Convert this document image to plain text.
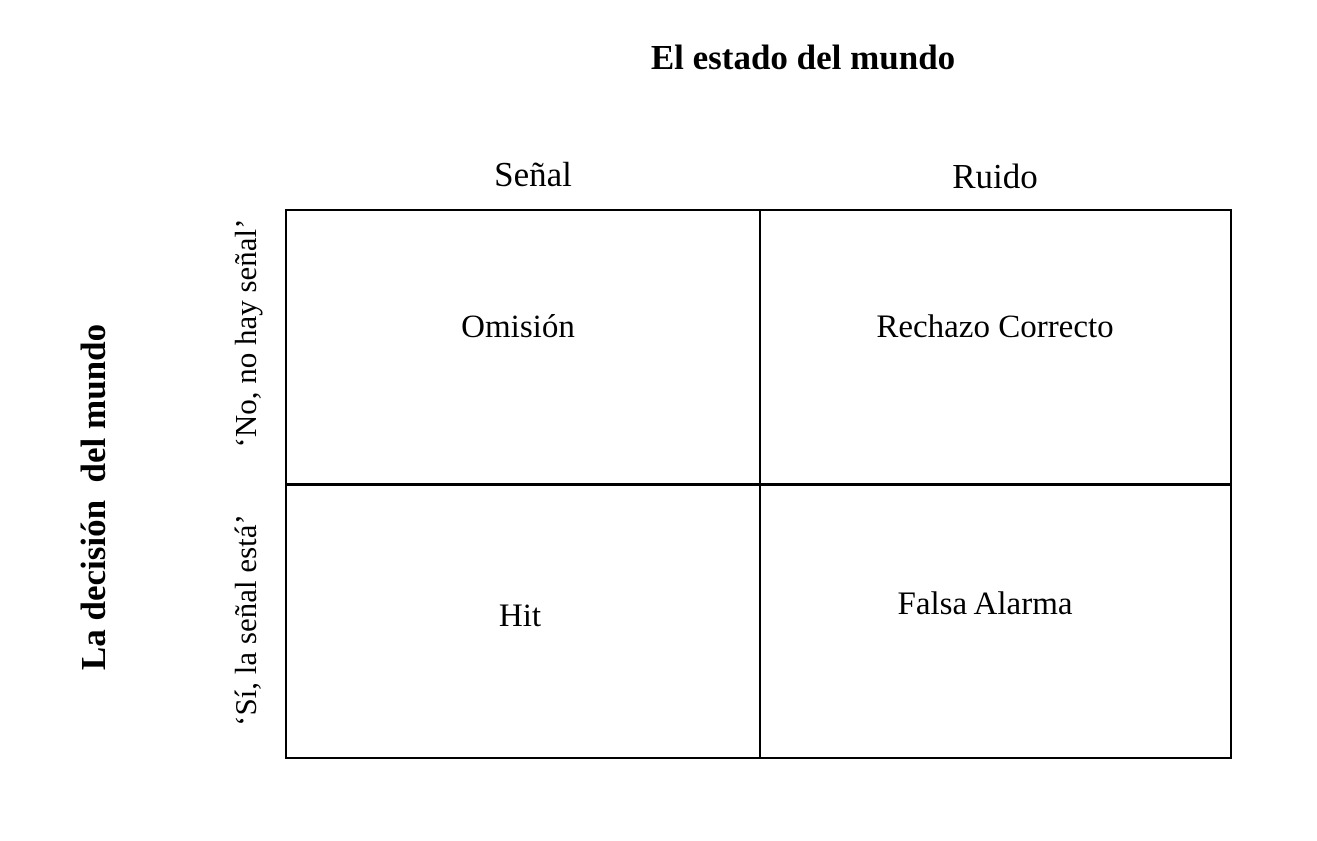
El estado del mundo
Señal	Ruido
La decisión  del mundo	‘No, no hay señal’
‘Sí, la señal está’
Omisión	Rechazo Correcto
Hit	Falsa Alarma
